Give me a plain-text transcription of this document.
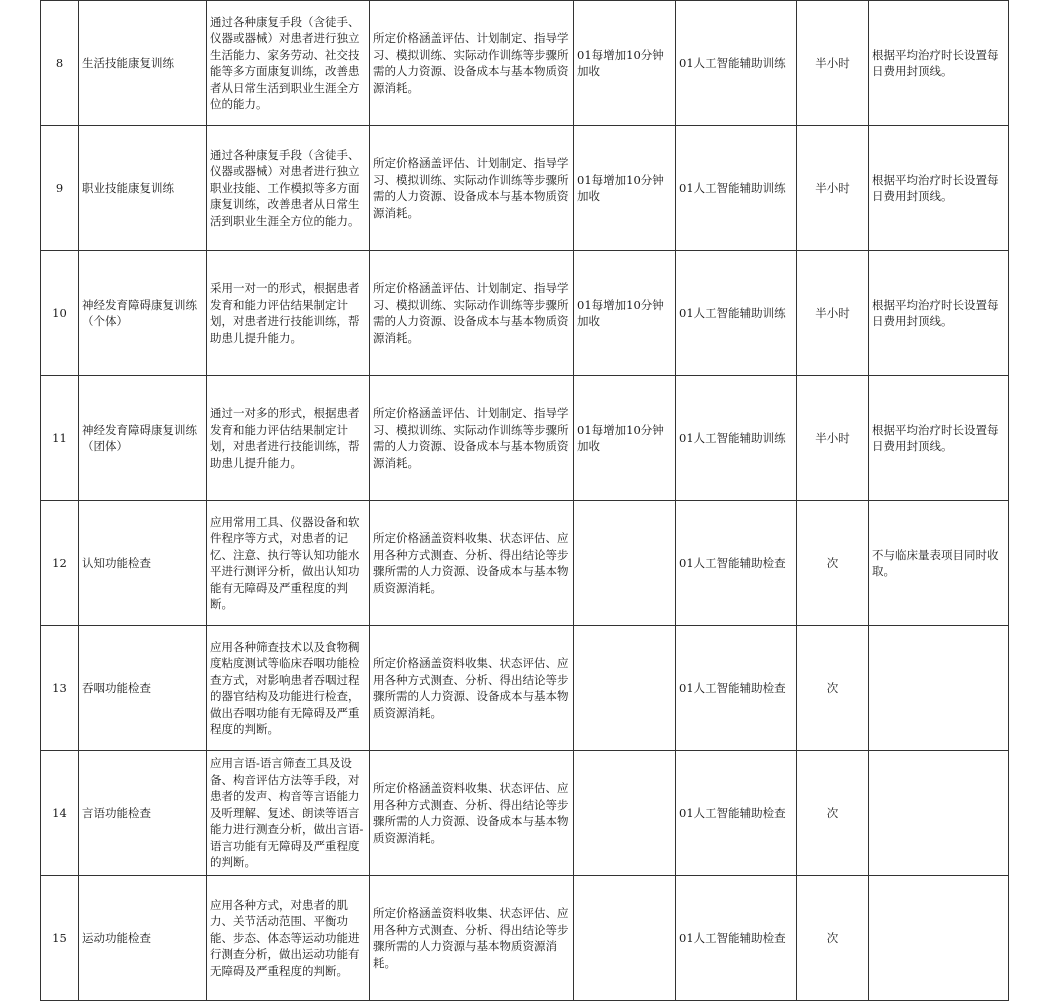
8	生活技能康复训练	通过各种康复手段（含徒手、仪器或器械）对患者进行独立生活能力、家务劳动、社交技能等多方面康复训练，改善患者从日常生活到职业生涯全方位的能力。	所定价格涵盖评估、计划制定、指导学习、模拟训练、实际动作训练等步骤所需的人力资源、设备成本与基本物质资源消耗。	01每增加10分钟加收	01人工智能辅助训练	半小时	根据平均治疗时长设置每日费用封顶线。
9	职业技能康复训练	通过各种康复手段（含徒手、仪器或器械）对患者进行独立职业技能、工作模拟等多方面康复训练，改善患者从日常生活到职业生涯全方位的能力。	所定价格涵盖评估、计划制定、指导学习、模拟训练、实际动作训练等步骤所需的人力资源、设备成本与基本物质资源消耗。	01每增加10分钟加收	01人工智能辅助训练	半小时	根据平均治疗时长设置每日费用封顶线。
10	神经发育障碍康复训练（个体）	采用一对一的形式，根据患者发育和能力评估结果制定计划，对患者进行技能训练，帮助患儿提升能力。	所定价格涵盖评估、计划制定、指导学习、模拟训练、实际动作训练等步骤所需的人力资源、设备成本与基本物质资源消耗。	01每增加10分钟加收	01人工智能辅助训练	半小时	根据平均治疗时长设置每日费用封顶线。
11	神经发育障碍康复训练（团体）	通过一对多的形式，根据患者发育和能力评估结果制定计划，对患者进行技能训练，帮助患儿提升能力。	所定价格涵盖评估、计划制定、指导学习、模拟训练、实际动作训练等步骤所需的人力资源、设备成本与基本物质资源消耗。	01每增加10分钟加收	01人工智能辅助训练	半小时	根据平均治疗时长设置每日费用封顶线。
12	认知功能检查	应用常用工具、仪器设备和软件程序等方式，对患者的记忆、注意、执行等认知功能水平进行测评分析，做出认知功能有无障碍及严重程度的判断。	所定价格涵盖资料收集、状态评估、应用各种方式测查、分析、得出结论等步骤所需的人力资源、设备成本与基本物质资源消耗。		01人工智能辅助检查	次	不与临床量表项目同时收取。
13	吞咽功能检查	应用各种筛查技术以及食物稠度粘度测试等临床吞咽功能检查方式，对影响患者吞咽过程的器官结构及功能进行检查，做出吞咽功能有无障碍及严重程度的判断。	所定价格涵盖资料收集、状态评估、应用各种方式测查、分析、得出结论等步骤所需的人力资源、设备成本与基本物质资源消耗。		01人工智能辅助检查	次	
14	言语功能检查	应用言语-语言筛查工具及设备、构音评估方法等手段，对患者的发声、构音等言语能力及听理解、复述、朗读等语言能力进行测查分析，做出言语-语言功能有无障碍及严重程度的判断。	所定价格涵盖资料收集、状态评估、应用各种方式测查、分析、得出结论等步骤所需的人力资源、设备成本与基本物质资源消耗。		01人工智能辅助检查	次	
15	运动功能检查	应用各种方式，对患者的肌力、关节活动范围、平衡功能、步态、体态等运动功能进行测查分析，做出运动功能有无障碍及严重程度的判断。	所定价格涵盖资料收集、状态评估、应用各种方式测查、分析、得出结论等步骤所需的人力资源与基本物质资源消耗。		01人工智能辅助检查	次	
